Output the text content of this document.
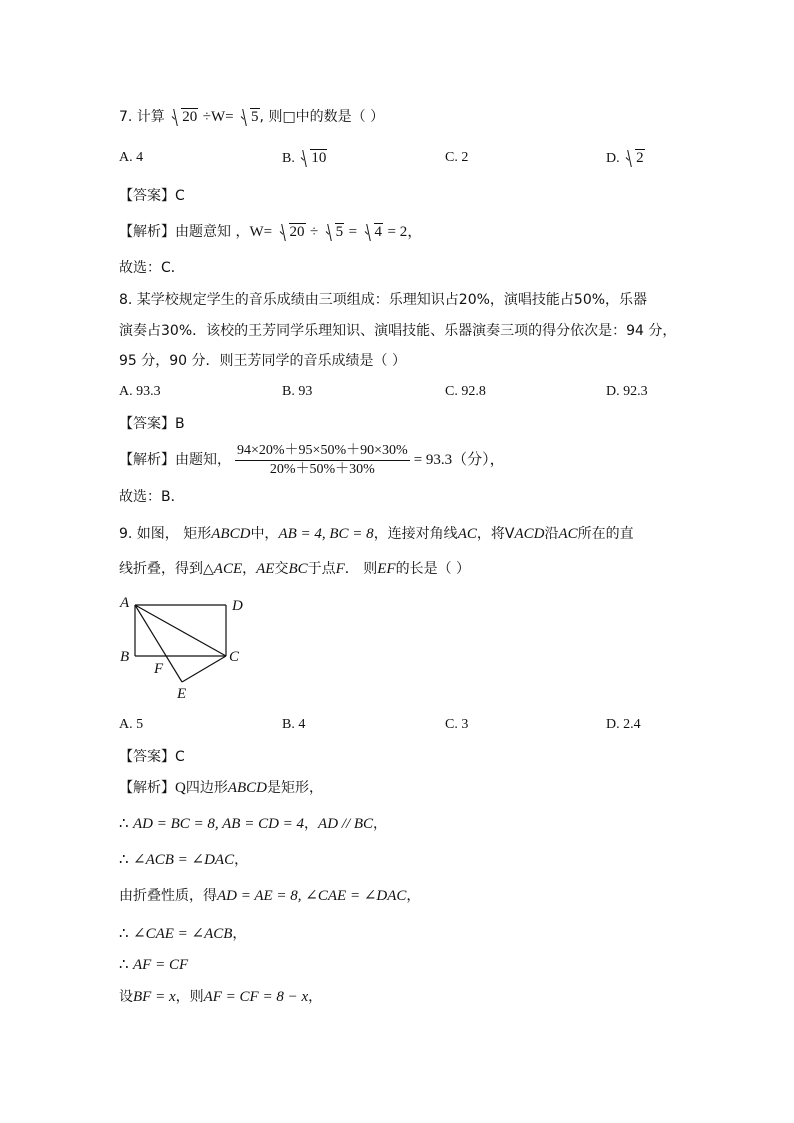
7. 计算 20 ÷W= 5, 则□中的数是（ ）
A. 4	B. 10	C. 2	D. 2
【答案】C
【解析】由题意知 ，W= 20 ÷ 5 = 4 = 2，
故选：C．
8. 某学校规定学生的音乐成绩由三项组成：乐理知识占20%，演唱技能占50%，乐器
演奏占30%．该校的王芳同学乐理知识、演唱技能、乐器演奏三项的得分依次是：94 分，
95 分，90 分．则王芳同学的音乐成绩是（ ）
A. 93.3	B. 93	C. 92.8	D. 92.3
【答案】B
【解析】由题知， $\frac{94\times 20\%+95\times 50\%+90\times 30\%}{20\%+50\%+30\%} = 93.3$（分），
故选：B．
9. 如图， 矩形ABCD中，AB = 4, BC = 8，连接对角线AC，将VACD沿AC所在的直
线折叠，得到△ACE，AE交BC于点F． 则EF的长是（ ）
A	D
B	C
F
E
A. 5	B. 4	C. 3	D. 2.4
【答案】C
【解析】Q四边形ABCD是矩形，
∴ AD = BC = 8, AB = CD = 4，AD // BC，
∴ ∠ACB = ∠DAC，
由折叠性质，得AD = AE = 8, ∠CAE = ∠DAC，
∴ ∠CAE = ∠ACB，
∴ AF = CF
设BF = x，则AF = CF = 8 − x，
